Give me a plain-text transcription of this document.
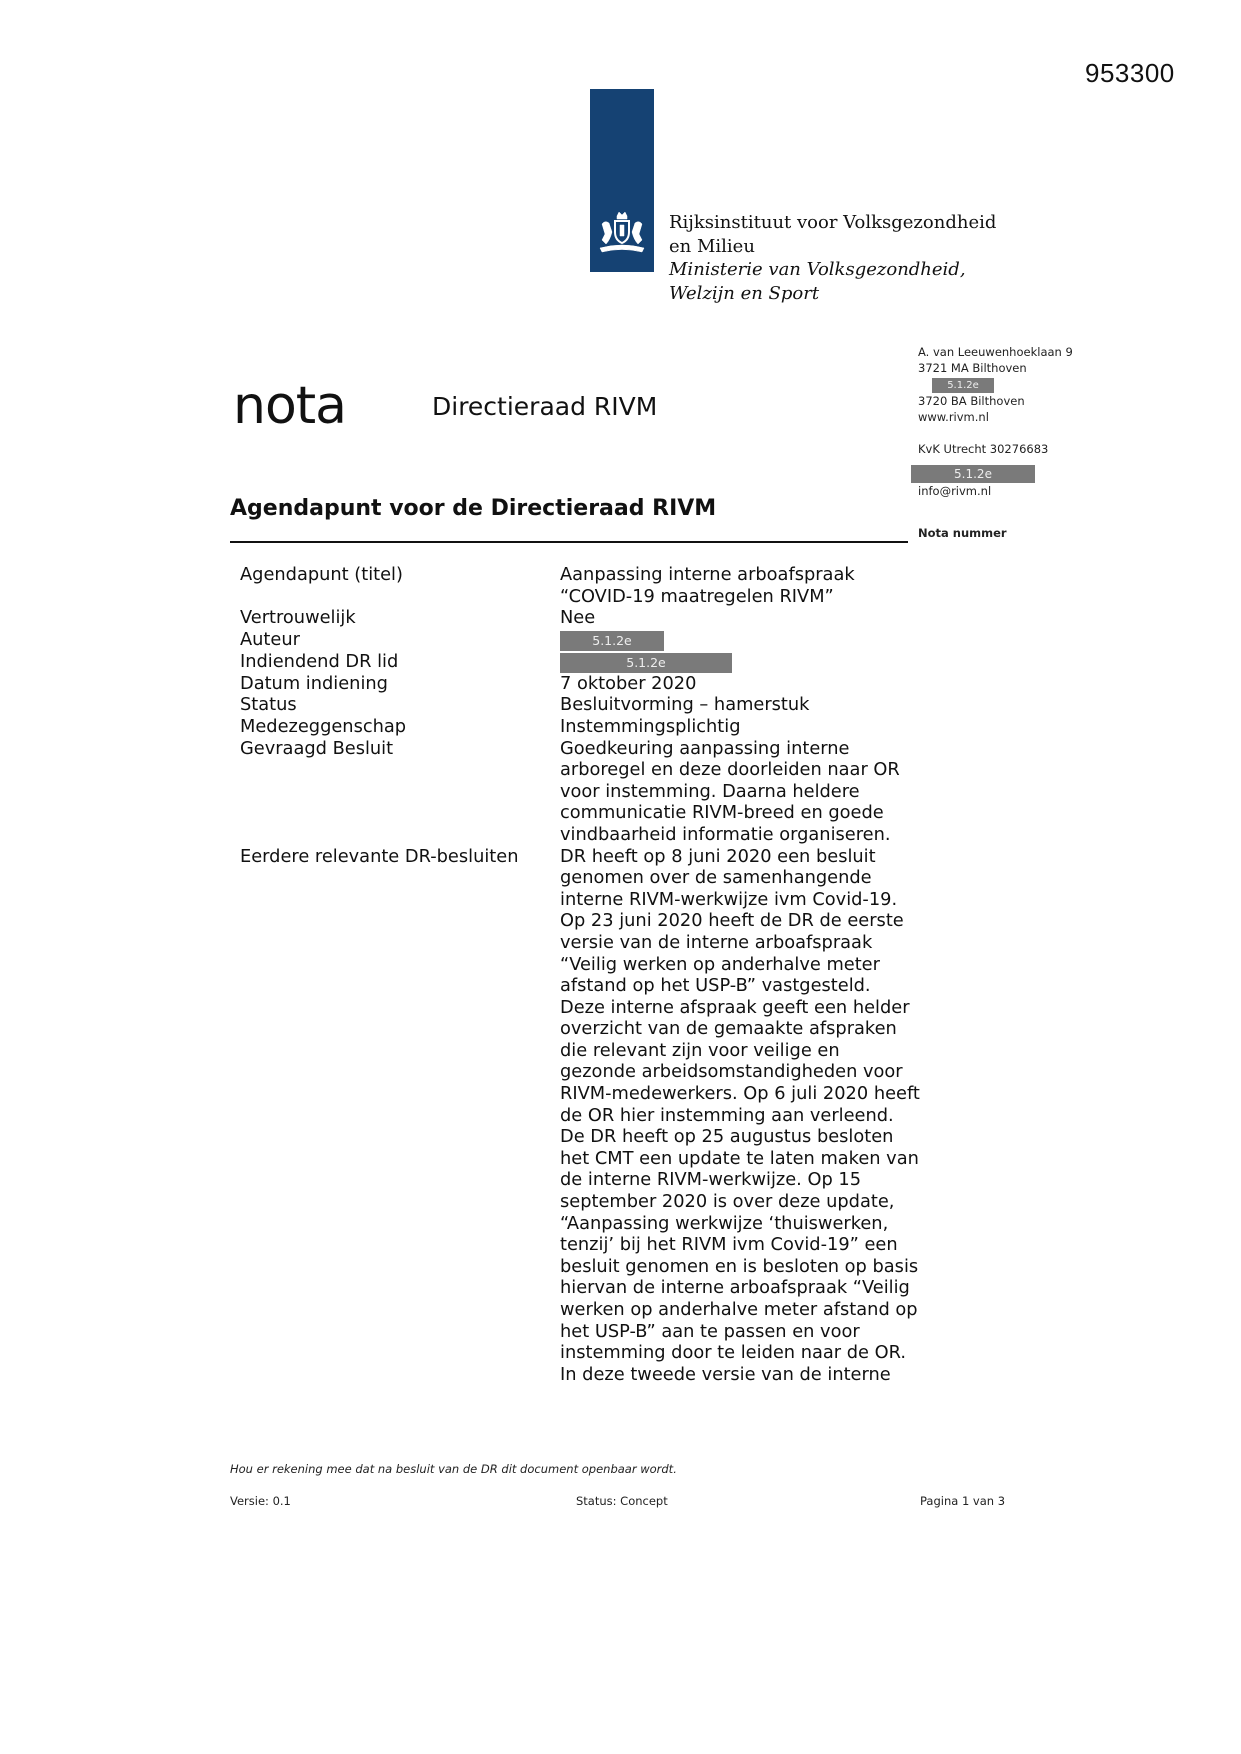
953300
Rijksinstituut voor Volksgezondheid
en Milieu
Ministerie van Volksgezondheid,
Welzijn en Sport
A. van Leeuwenhoeklaan 9
3721 MA Bilthoven
5.1.2e
3720 BA Bilthoven
www.rivm.nl
KvK Utrecht 30276683
5.1.2e
info@rivm.nl
Nota nummer
nota	Directieraad RIVM
Agendapunt voor de Directieraad RIVM
Agendapunt (titel)	Aanpassing interne arboafspraak “COVID-19 maatregelen RIVM”
Vertrouwelijk	Nee
Auteur	5.1.2e
Indiendend DR lid	5.1.2e
Datum indiening	7 oktober 2020
Status	Besluitvorming – hamerstuk
Medezeggenschap	Instemmingsplichtig
Gevraagd Besluit	Goedkeuring aanpassing interne arboregel en deze doorleiden naar OR voor instemming. Daarna heldere communicatie RIVM-breed en goede vindbaarheid informatie organiseren.
Eerdere relevante DR-besluiten	DR heeft op 8 juni 2020 een besluit genomen over de samenhangende interne RIVM-werkwijze ivm Covid-19. Op 23 juni 2020 heeft de DR de eerste versie van de interne arboafspraak “Veilig werken op anderhalve meter afstand op het USP-B” vastgesteld. Deze interne afspraak geeft een helder overzicht van de gemaakte afspraken die relevant zijn voor veilige en gezonde arbeidsomstandigheden voor RIVM-medewerkers. Op 6 juli 2020 heeft de OR hier instemming aan verleend. De DR heeft op 25 augustus besloten het CMT een update te laten maken van de interne RIVM-werkwijze. Op 15 september 2020 is over deze update, “Aanpassing werkwijze ‘thuiswerken, tenzij’ bij het RIVM ivm Covid-19” een besluit genomen en is besloten op basis hiervan de interne arboafspraak “Veilig werken op anderhalve meter afstand op het USP-B” aan te passen en voor instemming door te leiden naar de OR. In deze tweede versie van de interne
Hou er rekening mee dat na besluit van de DR dit document openbaar wordt.
Versie: 0.1	Status: Concept	Pagina 1 van 3
